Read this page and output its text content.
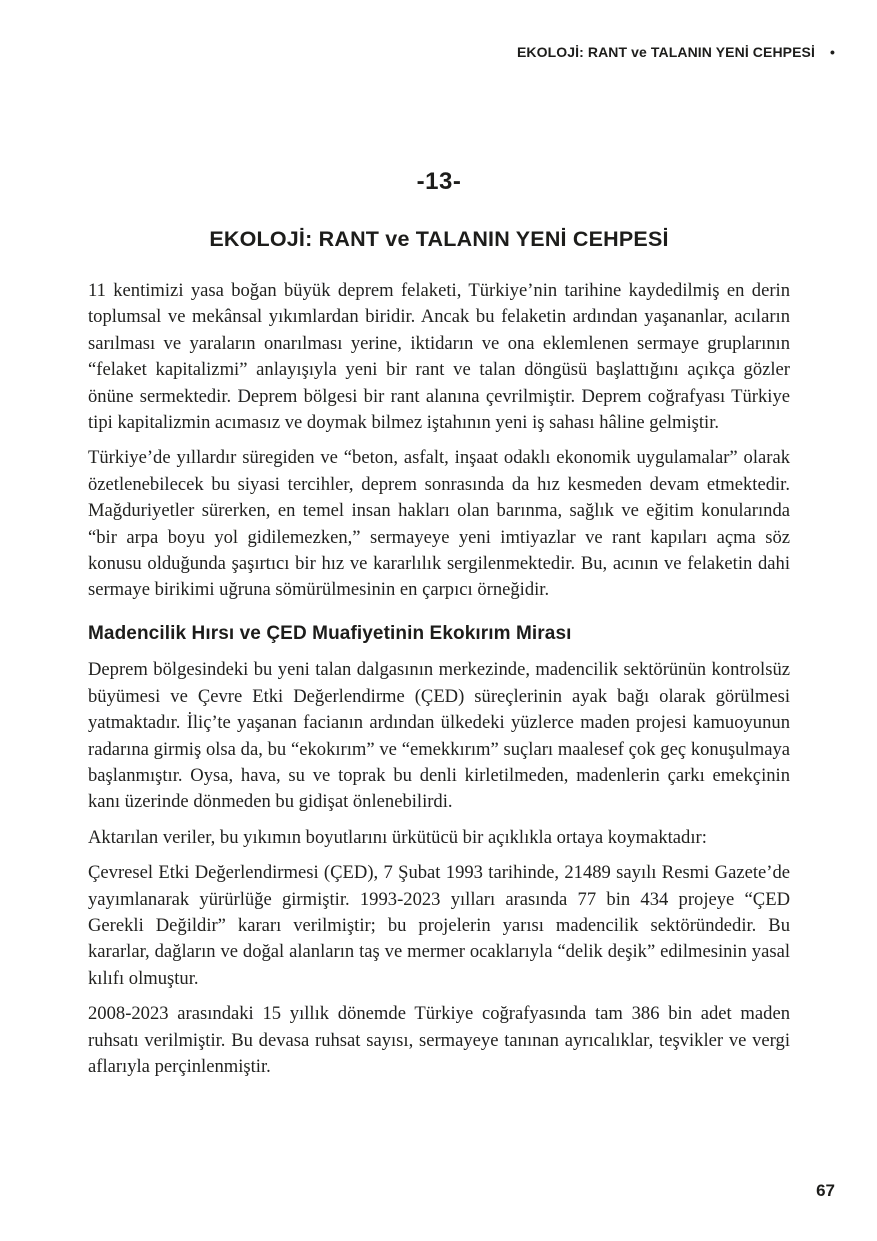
EKOLOJİ: RANT ve TALANIN YENİ CEHPESİ •
-13-
EKOLOJİ: RANT ve TALANIN YENİ CEHPESİ

11 kentimizi yasa boğan büyük deprem felaketi, Türkiye’nin tarihine kaydedilmiş en derin toplumsal ve mekânsal yıkımlardan biridir. Ancak bu felaketin ardından yaşananlar, acıların sarılması ve yaraların onarılması yerine, iktidarın ve ona eklemlenen sermaye gruplarının “felaket kapitalizmi” anlayışıyla yeni bir rant ve talan döngüsü başlattığını açıkça gözler önüne sermektedir. Deprem bölgesi bir rant alanına çevrilmiştir. Deprem coğrafyası Türkiye tipi kapitalizmin acımasız ve doymak bilmez iştahının yeni iş sahası hâline gelmiştir.

Türkiye’de yıllardır süregiden ve “beton, asfalt, inşaat odaklı ekonomik uygulamalar” olarak özetlenebilecek bu siyasi tercihler, deprem sonrasında da hız kesmeden devam etmektedir. Mağduriyetler sürerken, en temel insan hakları olan barınma, sağlık ve eğitim konularında “bir arpa boyu yol gidilemezken,” sermayeye yeni imtiyazlar ve rant kapıları açma söz konusu olduğunda şaşırtıcı bir hız ve kararlılık sergilenmektedir. Bu, acının ve felaketin dahi sermaye birikimi uğruna sömürülmesinin en çarpıcı örneğidir.

Madencilik Hırsı ve ÇED Muafiyetinin Ekokırım Mirası

Deprem bölgesindeki bu yeni talan dalgasının merkezinde, madencilik sektörünün kontrolsüz büyümesi ve Çevre Etki Değerlendirme (ÇED) süreçlerinin ayak bağı olarak görülmesi yatmaktadır. İliç’te yaşanan facianın ardından ülkedeki yüzlerce maden projesi kamuoyunun radarına girmiş olsa da, bu “ekokırım” ve “emekkırım” suçları maalesef çok geç konuşulmaya başlanmıştır. Oysa, hava, su ve toprak bu denli kirletilmeden, madenlerin çarkı emekçinin kanı üzerinde dönmeden bu gidişat önlenebilirdi.

Aktarılan veriler, bu yıkımın boyutlarını ürkütücü bir açıklıkla ortaya koymaktadır:

Çevresel Etki Değerlendirmesi (ÇED), 7 Şubat 1993 tarihinde, 21489 sayılı Resmi Gazete’de yayımlanarak yürürlüğe girmiştir. 1993-2023 yılları arasında 77 bin 434 projeye “ÇED Gerekli Değildir” kararı verilmiştir; bu projelerin yarısı madencilik sektöründedir. Bu kararlar, dağların ve doğal alanların taş ve mermer ocaklarıyla “delik deşik” edilmesinin yasal kılıfı olmuştur.

2008-2023 arasındaki 15 yıllık dönemde Türkiye coğrafyasında tam 386 bin adet maden ruhsatı verilmiştir. Bu devasa ruhsat sayısı, sermayeye tanınan ayrıcalıklar, teşvikler ve vergi aflarıyla perçinlenmiştir.

67
